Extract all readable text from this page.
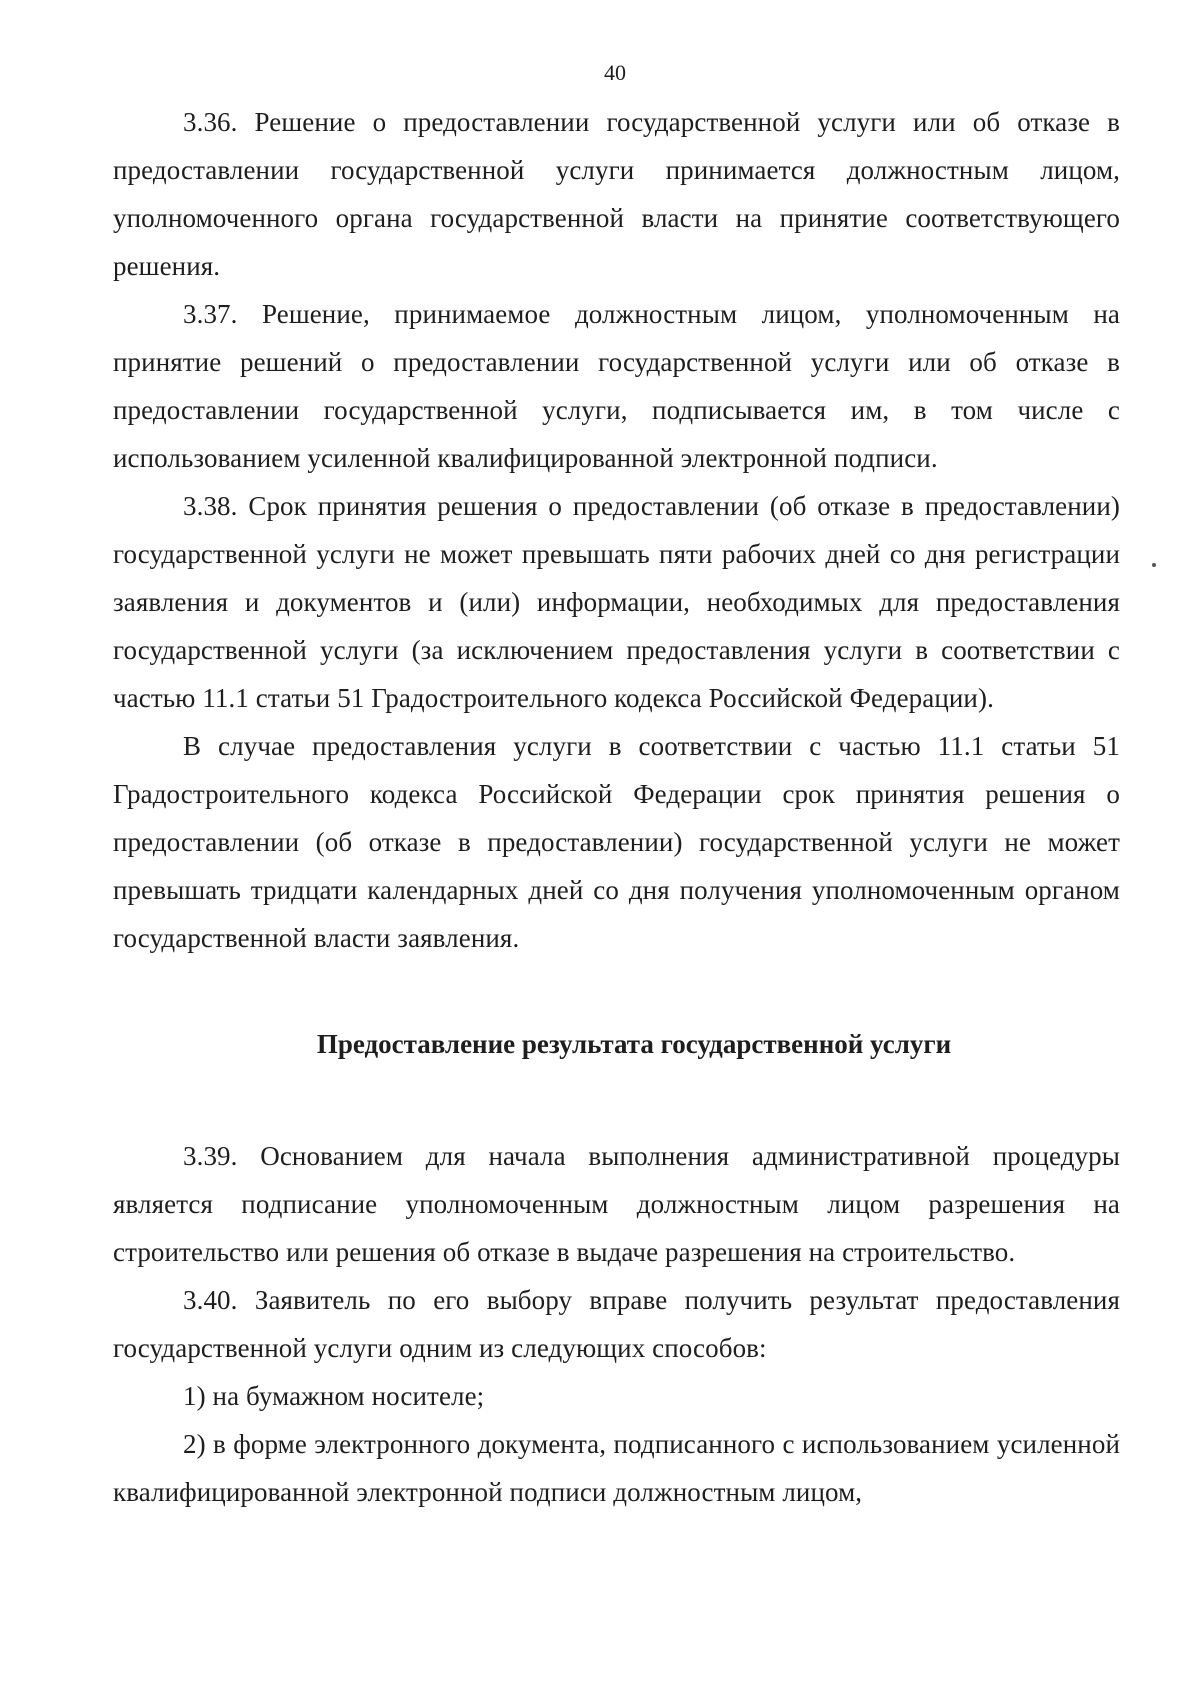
40

3.36. Решение о предоставлении государственной услуги или об отказе в предоставлении государственной услуги принимается должностным лицом, уполномоченного органа государственной власти на принятие соответствующего решения.

3.37. Решение, принимаемое должностным лицом, уполномоченным на принятие решений о предоставлении государственной услуги или об отказе в предоставлении государственной услуги, подписывается им, в том числе с использованием усиленной квалифицированной электронной подписи.

3.38. Срок принятия решения о предоставлении (об отказе в предоставлении) государственной услуги не может превышать пяти рабочих дней со дня регистрации заявления и документов и (или) информации, необходимых для предоставления государственной услуги (за исключением предоставления услуги в соответствии с частью 11.1 статьи 51 Градостроительного кодекса Российской Федерации).

В случае предоставления услуги в соответствии с частью 11.1 статьи 51 Градостроительного кодекса Российской Федерации срок принятия решения о предоставлении (об отказе в предоставлении) государственной услуги не может превышать тридцати календарных дней со дня получения уполномоченным органом государственной власти заявления.

Предоставление результата государственной услуги

3.39. Основанием для начала выполнения административной процедуры является подписание уполномоченным должностным лицом разрешения на строительство или решения об отказе в выдаче разрешения на строительство.

3.40. Заявитель по его выбору вправе получить результат предоставления государственной услуги одним из следующих способов:

1) на бумажном носителе;

2) в форме электронного документа, подписанного с использованием усиленной квалифицированной электронной подписи должностным лицом,
